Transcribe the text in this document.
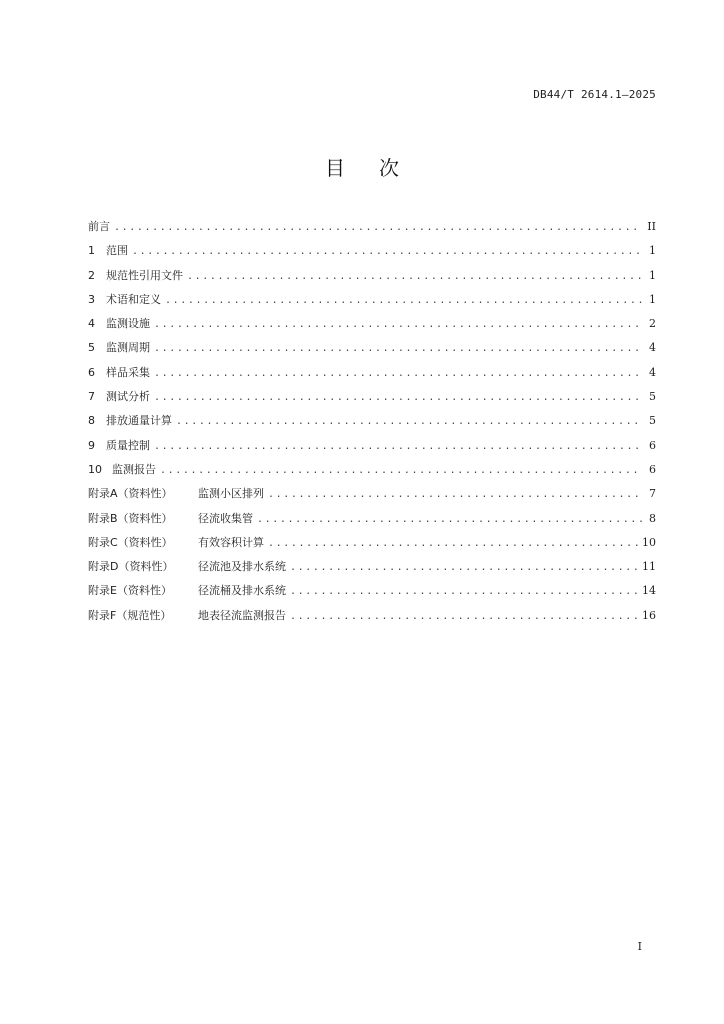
DB44/T 2614.1—2025
目次
前言 .....	II
1	范围 .....	1
2	规范性引用文件 .....	1
3	术语和定义 .....	1
4	监测设施 .....	2
5	监测周期 .....	4
6	样品采集 .....	4
7	测试分析 .....	5
8	排放通量计算 .....	5
9	质量控制 .....	6
10 监测报告 .....	6
附录A（资料性）	监测小区排列 .....	7
附录B（资料性）	径流收集管 .....	8
附录C（资料性）	有效容积计算 .....	10
附录D（资料性）	径流池及排水系统 .....	11
附录E（资料性）	径流桶及排水系统 .....	14
附录F（规范性）	地表径流监测报告 .....	16
I
